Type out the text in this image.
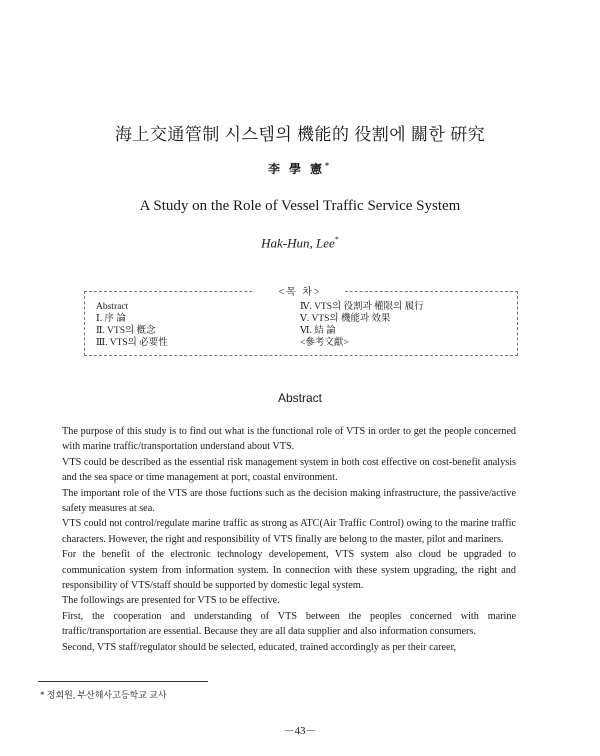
海上交通管制 시스템의 機能的 役割에 關한 硏究
李 學 憲*
A Study on the Role of Vessel Traffic Service System
Hak-Hun, Lee*
<목 차>
Abstract
Ⅰ. 序 論
Ⅱ. VTS의 槪念
Ⅲ. VTS의 必要性
Ⅳ. VTS의 役割과 權限의 履行
Ⅴ. VTS의 機能과 效果
Ⅵ. 結 論
<參考文獻>
Abstract

The purpose of this study is to find out what is the functional role of VTS in order to get the people concerned with marine traffic/transportation understand about VTS.

VTS could be described as the essential risk management system in both cost effective on cost-benefit analysis and the sea space or time management at port, coastal environment.

The important role of the VTS are those fuctions such as the decision making infrastructure, the passive/active safety measures at sea.

VTS could not control/regulate marine traffic as strong as ATC(Air Traffic Control) owing to the marine traffic characters. However, the right and responsibility of VTS finally are belong to the master, pilot and mariners.

For the benefit of the electronic technology developement, VTS system also cloud be upgraded to communication system from information system. In connection with these system upgrading, the right and responsibility of VTS/staff should be supported by domestic legal system.

The followings are presented for VTS to be effective.

First, the cooperation and understanding of VTS between the peoples concerned with marine traffic/transportation are essential. Because they are all data supplier and also information consumers.

Second, VTS staff/regulator should be selected, educated, trained accordingly as per their career,

* 정회원, 부산해사고등학교 교사
－43－
